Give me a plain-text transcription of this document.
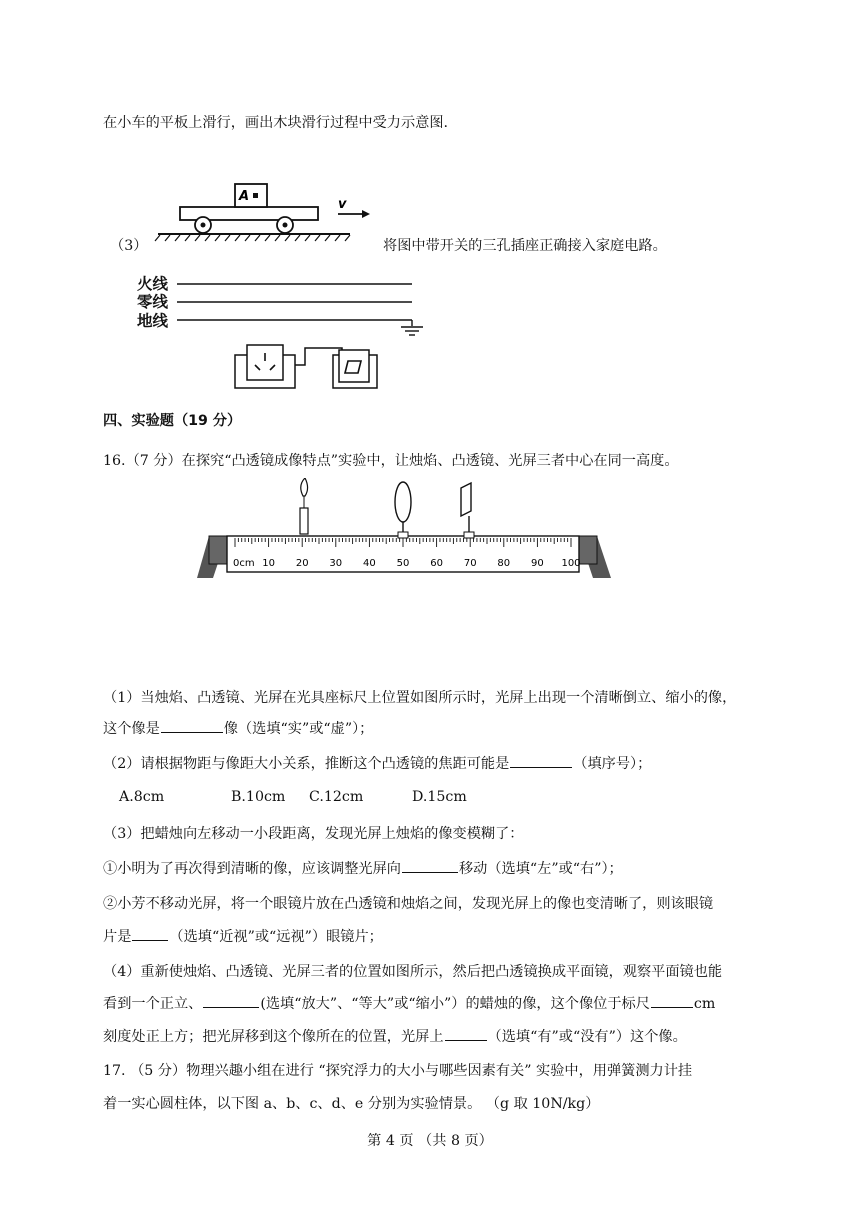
在小车的平板上滑行，画出木块滑行过程中受力示意图.
A
v
（3）	将图中带开关的三孔插座正确接入家庭电路。
火线
零线
地线
四、实验题（19 分）
16.（7 分）在探究“凸透镜成像特点”实验中，让烛焰、凸透镜、光屏三者中心在同一高度。
0cm 10 20 30 40 50 60 70 80 90 100
（1）当烛焰、凸透镜、光屏在光具座标尺上位置如图所示时，光屏上出现一个清晰倒立、缩小的像，
这个像是	像（选填“实”或“虚”）；
（2）请根据物距与像距大小关系，推断这个凸透镜的焦距可能是	（填序号）；
A.8cm	B.10cm C.12cm	D.15cm
（3）把蜡烛向左移动一小段距离，发现光屏上烛焰的像变模糊了：
①小明为了再次得到清晰的像，应该调整光屏向	移动（选填“左”或“右”）；
②小芳不移动光屏，将一个眼镜片放在凸透镜和烛焰之间，发现光屏上的像也变清晰了，则该眼镜
片是	（选填“近视”或“远视”）眼镜片；
（4）重新使烛焰、凸透镜、光屏三者的位置如图所示，然后把凸透镜换成平面镜，观察平面镜也能
看到一个正立、	(选填“放大”、“等大”或“缩小”）的蜡烛的像，这个像位于标尺	cm
刻度处正上方；把光屏移到这个像所在的位置，光屏上	（选填“有”或“没有”）这个像。
17. （5 分）物理兴趣小组在进行 “探究浮力的大小与哪些因素有关” 实验中，用弹簧测力计挂
着一实心圆柱体，以下图 a、b、c、d、e 分别为实验情景。 （g 取 10N/kg）
第 4 页 （共 8 页）
